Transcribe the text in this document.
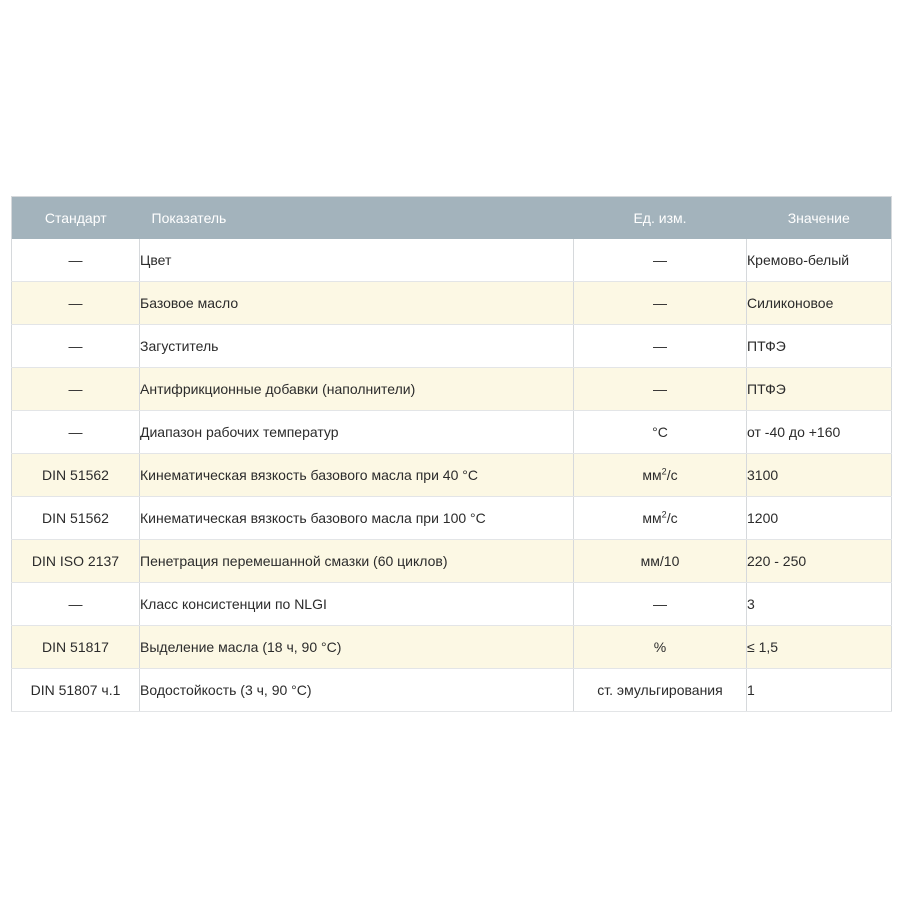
Стандарт	Показатель	Ед. изм.	Значение
—	Цвет	—	Кремово-белый
—	Базовое масло	—	Силиконовое
—	Загуститель	—	ПТФЭ
—	Антифрикционные добавки (наполнители)	—	ПТФЭ
—	Диапазон рабочих температур	°С	от -40 до +160
DIN 51562	Кинематическая вязкость базового масла при 40 °С	$мм^2/с$	3100
DIN 51562	Кинематическая вязкость базового масла при 100 °С	$мм^2/с$	1200
DIN ISO 2137	Пенетрация перемешанной смазки (60 циклов)	мм/10	220 - 250
—	Класс консистенции по NLGI	—	3
DIN 51817	Выделение масла (18 ч, 90 °С)	%	≤ 1,5
DIN 51807 ч.1	Водостойкость (3 ч, 90 °С)	ст. эмульгирования	1
